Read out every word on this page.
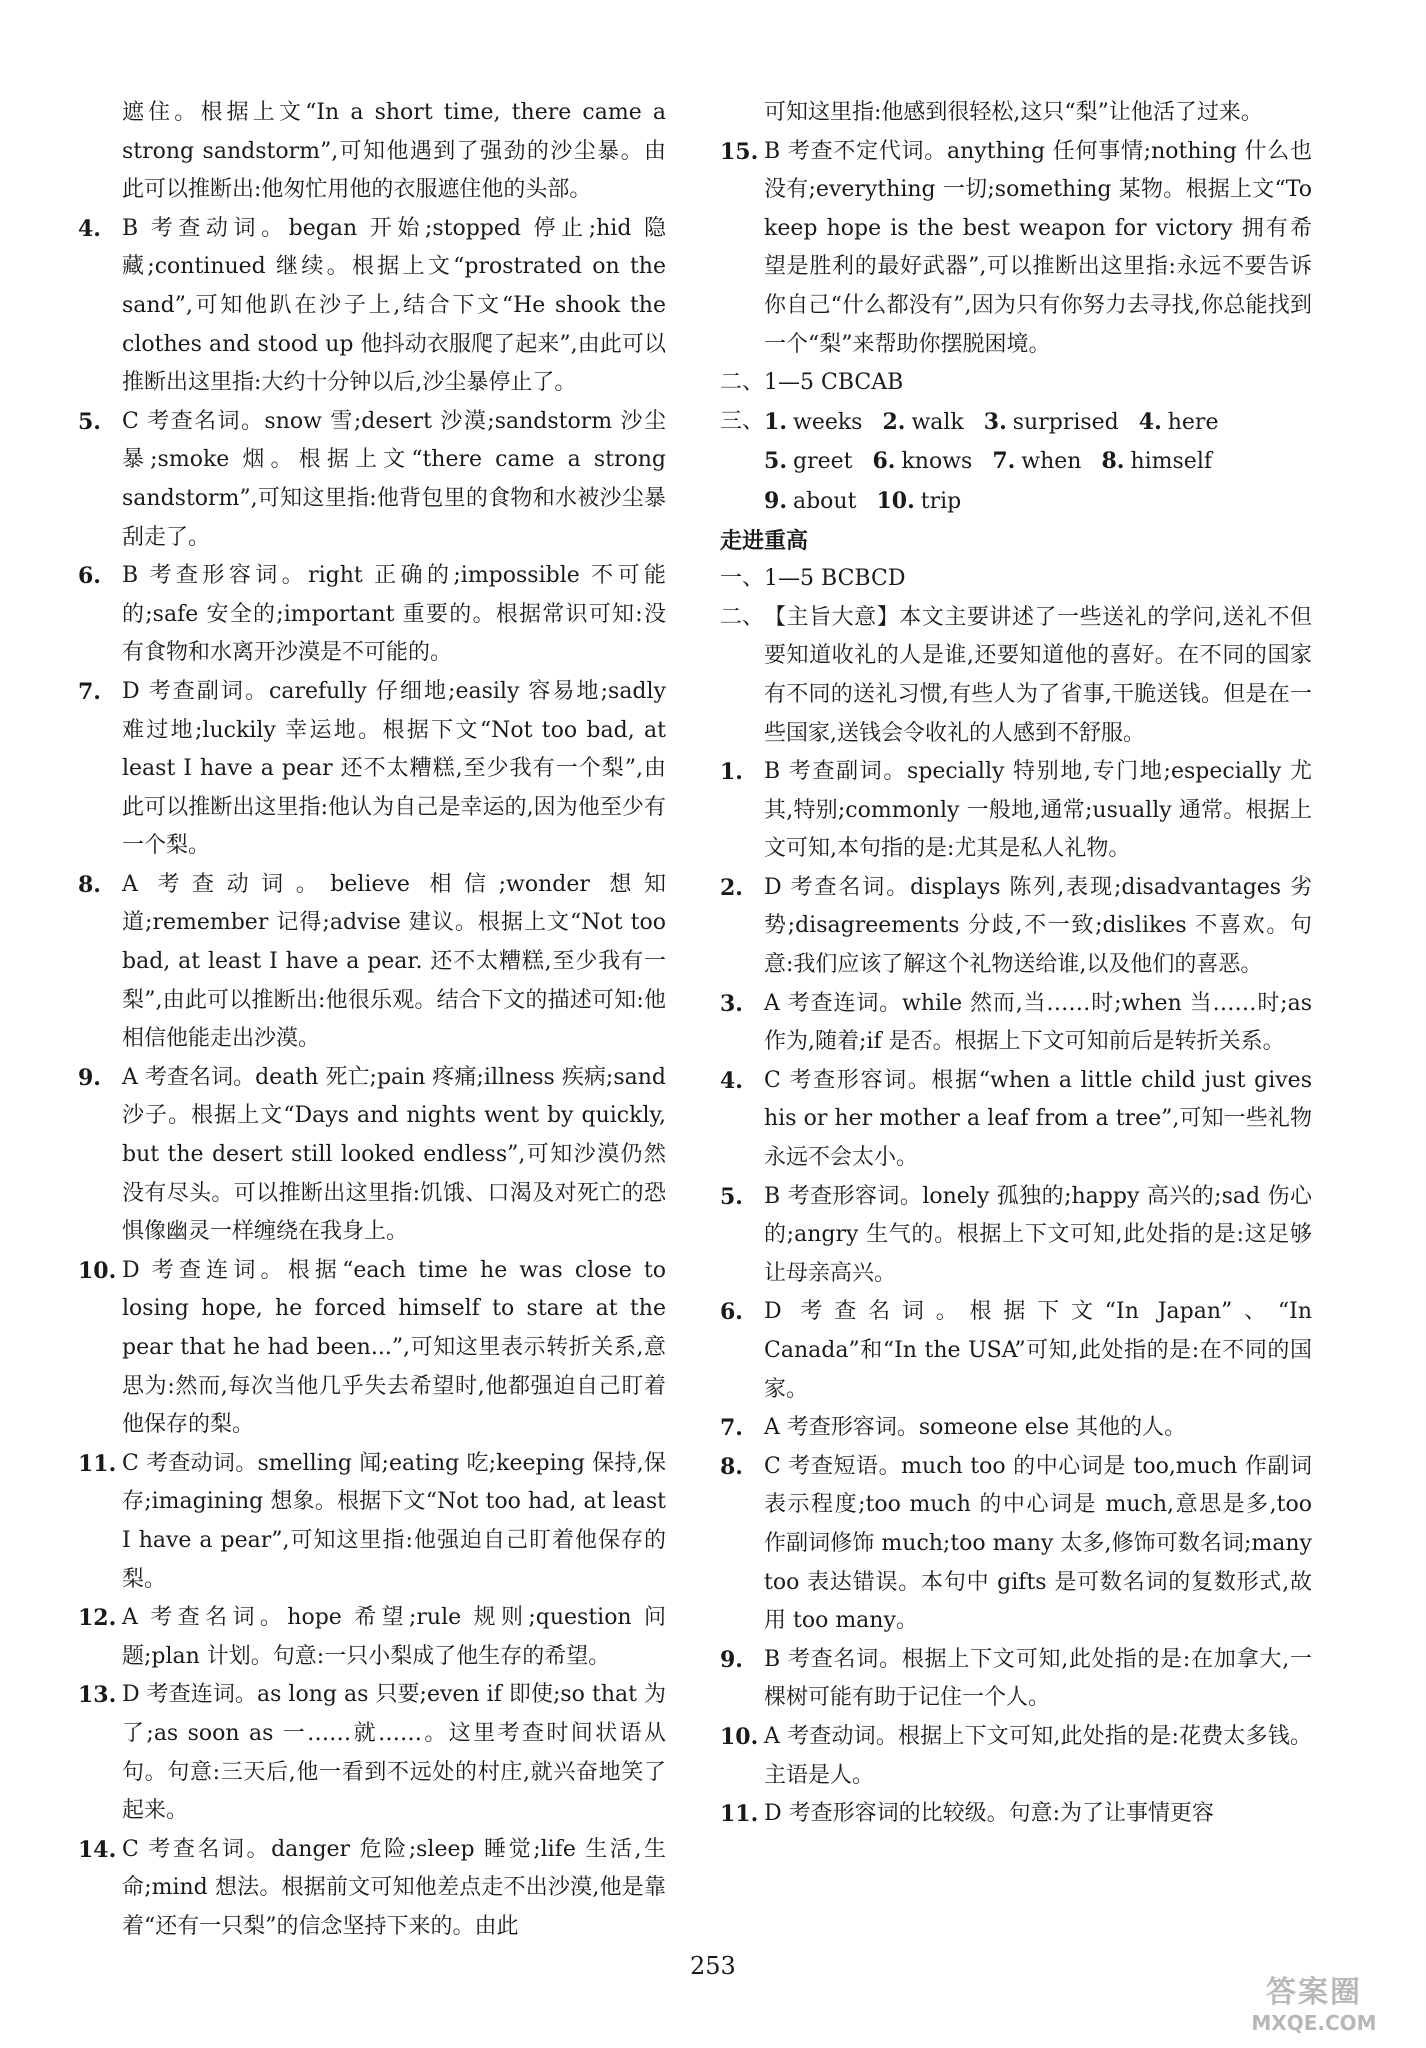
遮住。根据上文“In a short time, there came a strong sandstorm”,可知他遇到了强劲的沙尘暴。由此可以推断出:他匆忙用他的衣服遮住他的头部。
4. B 考查动词。began 开始;stopped 停止;hid 隐藏;continued 继续。根据上文“prostrated on the sand”,可知他趴在沙子上,结合下文“He shook the clothes and stood up 他抖动衣服爬了起来”,由此可以推断出这里指:大约十分钟以后,沙尘暴停止了。
5. C 考查名词。snow 雪;desert 沙漠;sandstorm 沙尘暴;smoke 烟。根据上文“there came a strong sandstorm”,可知这里指:他背包里的食物和水被沙尘暴刮走了。
6. B 考查形容词。right 正确的;impossible 不可能的;safe 安全的;important 重要的。根据常识可知:没有食物和水离开沙漠是不可能的。
7. D 考查副词。carefully 仔细地;easily 容易地;sadly 难过地;luckily 幸运地。根据下文“Not too bad, at least I have a pear 还不太糟糕,至少我有一个梨”,由此可以推断出这里指:他认为自己是幸运的,因为他至少有一个梨。
8. A 考查动词。believe 相信;wonder 想知道;remember 记得;advise 建议。根据上文“Not too bad, at least I have a pear. 还不太糟糕,至少我有一梨”,由此可以推断出:他很乐观。结合下文的描述可知:他相信他能走出沙漠。
9. A 考查名词。death 死亡;pain 疼痛;illness 疾病;sand 沙子。根据上文“Days and nights went by quickly, but the desert still looked endless”,可知沙漠仍然没有尽头。可以推断出这里指:饥饿、口渴及对死亡的恐惧像幽灵一样缠绕在我身上。
10. D 考查连词。根据“each time he was close to losing hope, he forced himself to stare at the pear that he had been...”,可知这里表示转折关系,意思为:然而,每次当他几乎失去希望时,他都强迫自己盯着他保存的梨。
11. C 考查动词。smelling 闻;eating 吃;keeping 保持,保存;imagining 想象。根据下文“Not too had, at least I have a pear”,可知这里指:他强迫自己盯着他保存的梨。
12. A 考查名词。hope 希望;rule 规则;question 问题;plan 计划。句意:一只小梨成了他生存的希望。
13. D 考查连词。as long as 只要;even if 即使;so that 为了;as soon as 一……就……。这里考查时间状语从句。句意:三天后,他一看到不远处的村庄,就兴奋地笑了起来。
14. C 考查名词。danger 危险;sleep 睡觉;life 生活,生命;mind 想法。根据前文可知他差点走不出沙漠,他是靠着“还有一只梨”的信念坚持下来的。由此
可知这里指:他感到很轻松,这只“梨”让他活了过来。
15. B 考查不定代词。anything 任何事情;nothing 什么也没有;everything 一切;something 某物。根据上文“To keep hope is the best weapon for victory 拥有希望是胜利的最好武器”,可以推断出这里指:永远不要告诉你自己“什么都没有”,因为只有你努力去寻找,你总能找到一个“梨”来帮助你摆脱困境。
二、 1—5 CBCAB
三、 1. weeks 2. walk 3. surprised 4. here
5. greet 6. knows 7. when 8. himself
9. about 10. trip
走进重高
一、 1—5 BCBCD
二、 【主旨大意】本文主要讲述了一些送礼的学问,送礼不但要知道收礼的人是谁,还要知道他的喜好。在不同的国家有不同的送礼习惯,有些人为了省事,干脆送钱。但是在一些国家,送钱会令收礼的人感到不舒服。
1. B 考查副词。specially 特别地,专门地;especially 尤其,特别;commonly 一般地,通常;usually 通常。根据上文可知,本句指的是:尤其是私人礼物。
2. D 考查名词。displays 陈列,表现;disadvantages 劣势;disagreements 分歧,不一致;dislikes 不喜欢。句意:我们应该了解这个礼物送给谁,以及他们的喜恶。
3. A 考查连词。while 然而,当……时;when 当……时;as 作为,随着;if 是否。根据上下文可知前后是转折关系。
4. C 考查形容词。根据“when a little child just gives his or her mother a leaf from a tree”,可知一些礼物永远不会太小。
5. B 考查形容词。lonely 孤独的;happy 高兴的;sad 伤心的;angry 生气的。根据上下文可知,此处指的是:这足够让母亲高兴。
6. D 考查名词。根据下文“In Japan”、“In Canada”和“In the USA”可知,此处指的是:在不同的国家。
7. A 考查形容词。someone else 其他的人。
8. C 考查短语。much too 的中心词是 too,much 作副词表示程度;too much 的中心词是 much,意思是多,too 作副词修饰 much;too many 太多,修饰可数名词;many too 表达错误。本句中 gifts 是可数名词的复数形式,故用 too many。
9. B 考查名词。根据上下文可知,此处指的是:在加拿大,一棵树可能有助于记住一个人。
10. A 考查动词。根据上下文可知,此处指的是:花费太多钱。主语是人。
11. D 考查形容词的比较级。句意:为了让事情更容
253
答案圈
MXQE.COM
